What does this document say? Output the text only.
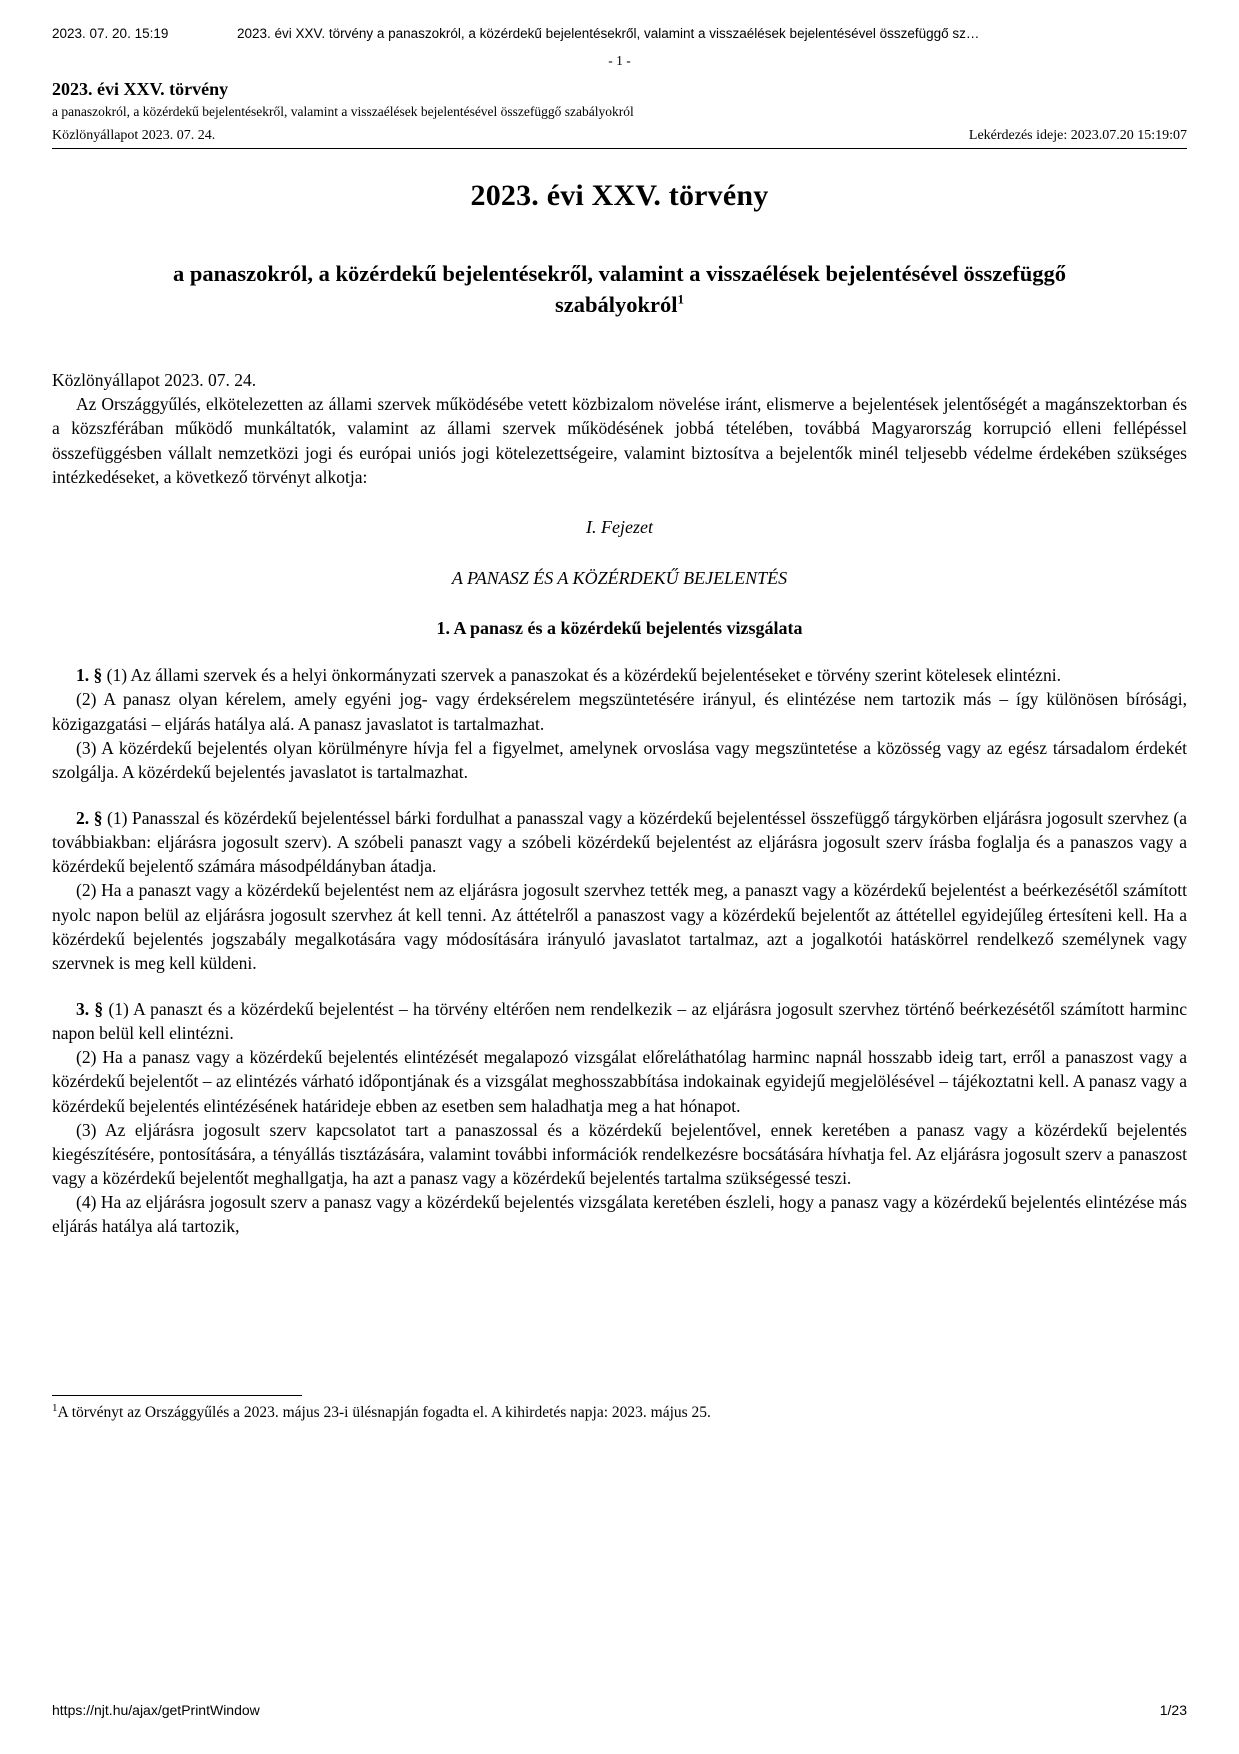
2023. 07. 20. 15:19	2023. évi XXV. törvény a panaszokról, a közérdekű bejelentésekről, valamint a visszaélések bejelentésével összefüggő sz…
- 1 -
2023. évi XXV. törvény
a panaszokról, a közérdekű bejelentésekről, valamint a visszaélések bejelentésével összefüggő szabályokról
Közlönyállapot 2023. 07. 24.	Lekérdezés ideje: 2023.07.20 15:19:07
2023. évi XXV. törvény
a panaszokról, a közérdekű bejelentésekről, valamint a visszaélések bejelentésével összefüggő szabályokról$^1$

Közlönyállapot 2023. 07. 24.

Az Országgyűlés, elkötelezetten az állami szervek működésébe vetett közbizalom növelése iránt, elismerve a bejelentések jelentőségét a magánszektorban és a közszférában működő munkáltatók, valamint az állami szervek működésének jobbá tételében, továbbá Magyarország korrupció elleni fellépéssel összefüggésben vállalt nemzetközi jogi és európai uniós jogi kötelezettségeire, valamint biztosítva a bejelentők minél teljesebb védelme érdekében szükséges intézkedéseket, a következő törvényt alkotja:

I. Fejezet
A PANASZ ÉS A KÖZÉRDEKŰ BEJELENTÉS
1. A panasz és a közérdekű bejelentés vizsgálata

1. § (1) Az állami szervek és a helyi önkormányzati szervek a panaszokat és a közérdekű bejelentéseket e törvény szerint kötelesek elintézni.

(2) A panasz olyan kérelem, amely egyéni jog- vagy érdeksérelem megszüntetésére irányul, és elintézése nem tartozik más – így különösen bírósági, közigazgatási – eljárás hatálya alá. A panasz javaslatot is tartalmazhat.

(3) A közérdekű bejelentés olyan körülményre hívja fel a figyelmet, amelynek orvoslása vagy megszüntetése a közösség vagy az egész társadalom érdekét szolgálja. A közérdekű bejelentés javaslatot is tartalmazhat.

2. § (1) Panasszal és közérdekű bejelentéssel bárki fordulhat a panasszal vagy a közérdekű bejelentéssel összefüggő tárgykörben eljárásra jogosult szervhez (a továbbiakban: eljárásra jogosult szerv). A szóbeli panaszt vagy a szóbeli közérdekű bejelentést az eljárásra jogosult szerv írásba foglalja és a panaszos vagy a közérdekű bejelentő számára másodpéldányban átadja.

(2) Ha a panaszt vagy a közérdekű bejelentést nem az eljárásra jogosult szervhez tették meg, a panaszt vagy a közérdekű bejelentést a beérkezésétől számított nyolc napon belül az eljárásra jogosult szervhez át kell tenni. Az áttételről a panaszost vagy a közérdekű bejelentőt az áttétellel egyidejűleg értesíteni kell. Ha a közérdekű bejelentés jogszabály megalkotására vagy módosítására irányuló javaslatot tartalmaz, azt a jogalkotói hatáskörrel rendelkező személynek vagy szervnek is meg kell küldeni.

3. § (1) A panaszt és a közérdekű bejelentést – ha törvény eltérően nem rendelkezik – az eljárásra jogosult szervhez történő beérkezésétől számított harminc napon belül kell elintézni.

(2) Ha a panasz vagy a közérdekű bejelentés elintézését megalapozó vizsgálat előreláthatólag harminc napnál hosszabb ideig tart, erről a panaszost vagy a közérdekű bejelentőt – az elintézés várható időpontjának és a vizsgálat meghosszabbítása indokainak egyidejű megjelölésével – tájékoztatni kell. A panasz vagy a közérdekű bejelentés elintézésének határideje ebben az esetben sem haladhatja meg a hat hónapot.

(3) Az eljárásra jogosult szerv kapcsolatot tart a panaszossal és a közérdekű bejelentővel, ennek keretében a panasz vagy a közérdekű bejelentés kiegészítésére, pontosítására, a tényállás tisztázására, valamint további információk rendelkezésre bocsátására hívhatja fel. Az eljárásra jogosult szerv a panaszost vagy a közérdekű bejelentőt meghallgatja, ha azt a panasz vagy a közérdekű bejelentés tartalma szükségessé teszi.

(4) Ha az eljárásra jogosult szerv a panasz vagy a közérdekű bejelentés vizsgálata keretében észleli, hogy a panasz vagy a közérdekű bejelentés elintézése más eljárás hatálya alá tartozik,

$^1$A törvényt az Országgyűlés a 2023. május 23-i ülésnapján fogadta el. A kihirdetés napja: 2023. május 25.
https://njt.hu/ajax/getPrintWindow	1/23
